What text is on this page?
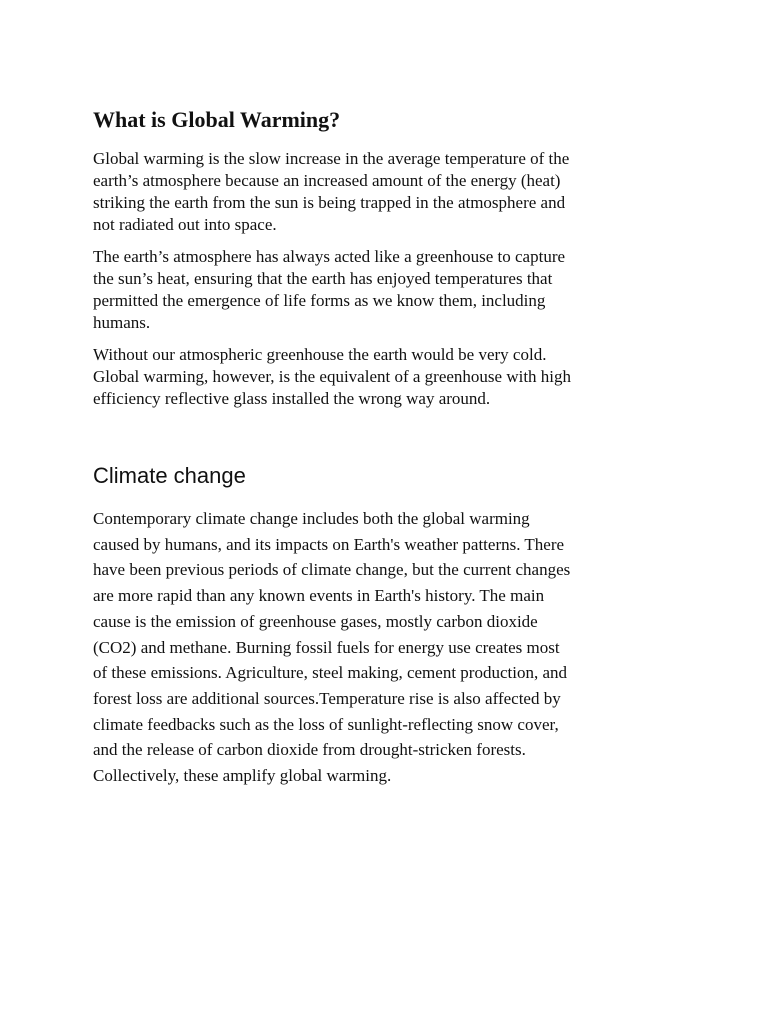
What is Global Warming?

Global warming is the slow increase in the average temperature of the
earth’s atmosphere because an increased amount of the energy (heat)
striking the earth from the sun is being trapped in the atmosphere and
not radiated out into space.

The earth’s atmosphere has always acted like a greenhouse to capture
the sun’s heat, ensuring that the earth has enjoyed temperatures that
permitted the emergence of life forms as we know them, including
humans.

Without our atmospheric greenhouse the earth would be very cold.
Global warming, however, is the equivalent of a greenhouse with high
efficiency reflective glass installed the wrong way around.

Climate change

Contemporary climate change includes both the global warming
caused by humans, and its impacts on Earth's weather patterns. There
have been previous periods of climate change, but the current changes
are more rapid than any known events in Earth's history. The main
cause is the emission of greenhouse gases, mostly carbon dioxide
(CO2) and methane. Burning fossil fuels for energy use creates most
of these emissions. Agriculture, steel making, cement production, and
forest loss are additional sources.Temperature rise is also affected by
climate feedbacks such as the loss of sunlight-reflecting snow cover,
and the release of carbon dioxide from drought-stricken forests.
Collectively, these amplify global warming.
